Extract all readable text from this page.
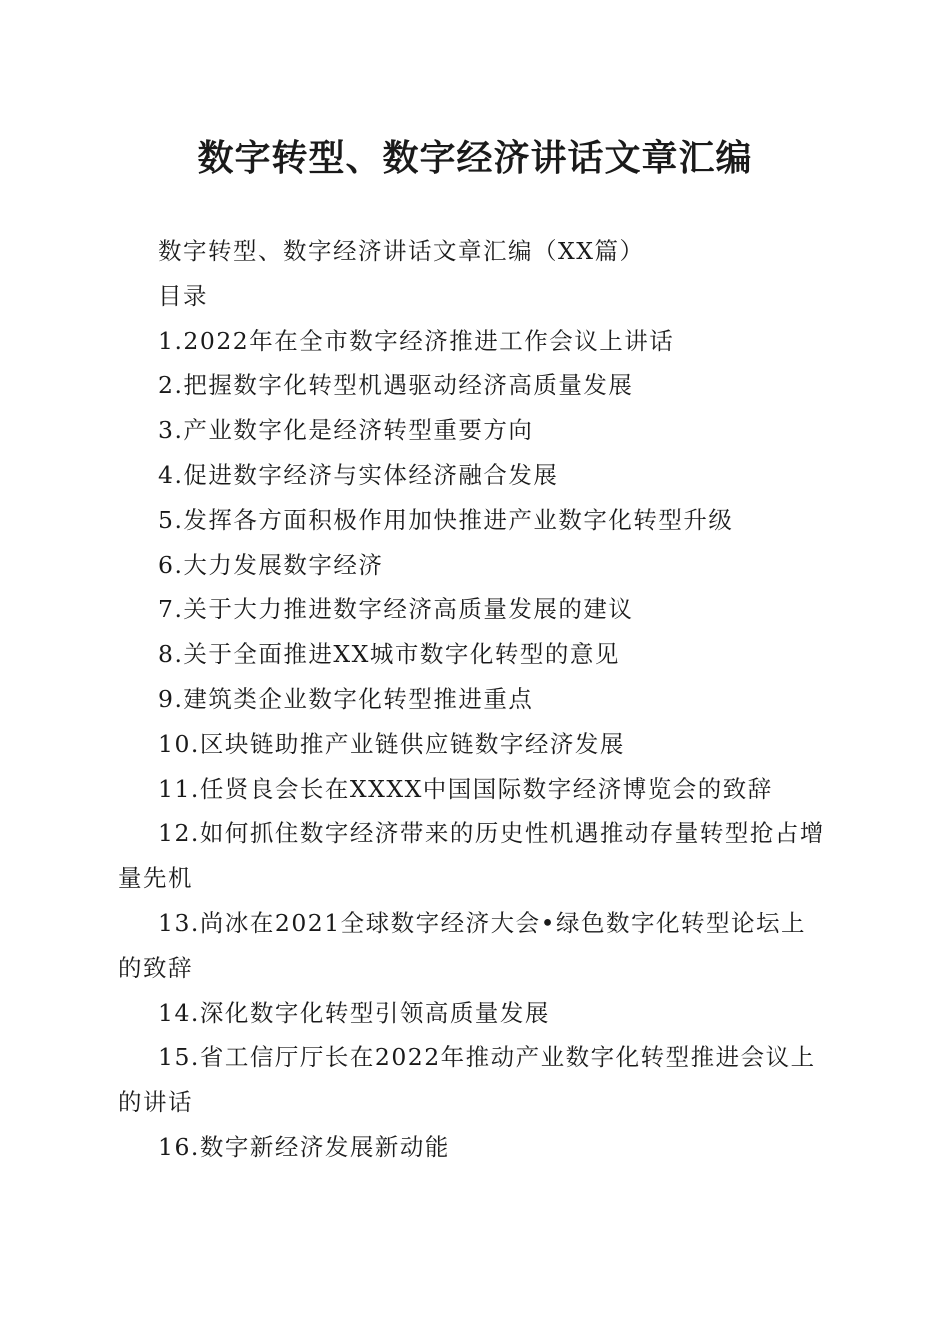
数字转型、数字经济讲话文章汇编

数字转型、数字经济讲话文章汇编（XX篇）

目录

1.2022年在全市数字经济推进工作会议上讲话

2.把握数字化转型机遇驱动经济高质量发展

3.产业数字化是经济转型重要方向

4.促进数字经济与实体经济融合发展

5.发挥各方面积极作用加快推进产业数字化转型升级

6.大力发展数字经济

7.关于大力推进数字经济高质量发展的建议

8.关于全面推进XX城市数字化转型的意见

9.建筑类企业数字化转型推进重点

10.区块链助推产业链供应链数字经济发展

11.任贤良会长在XXXX中国国际数字经济博览会的致辞

12.如何抓住数字经济带来的历史性机遇推动存量转型抢占增量先机

13.尚冰在2021全球数字经济大会•绿色数字化转型论坛上的致辞

14.深化数字化转型引领高质量发展

15.省工信厅厅长在2022年推动产业数字化转型推进会议上的讲话

16.数字新经济发展新动能
